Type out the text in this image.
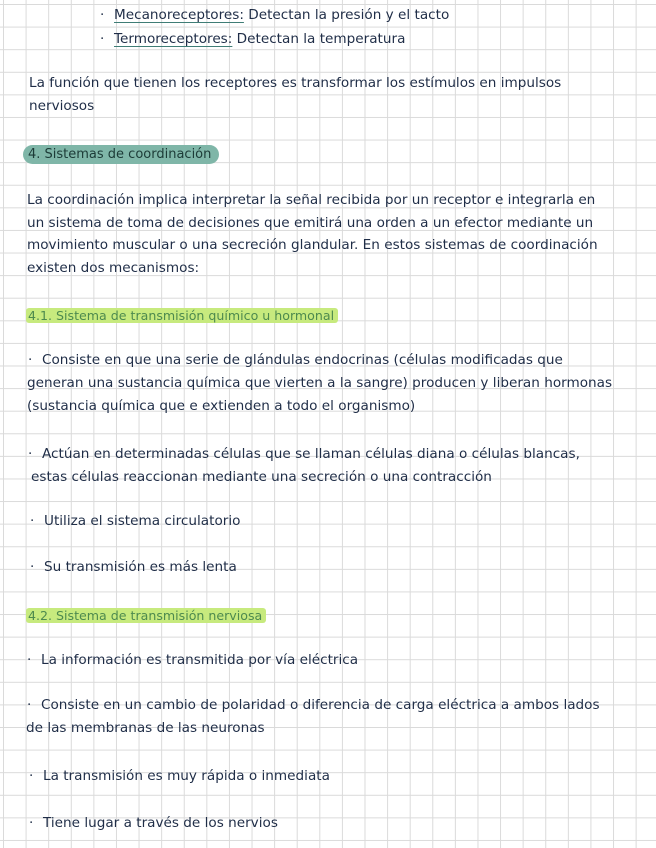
· Mecanoreceptores: Detectan la presión y el tacto
· Termoreceptores: Detectan la temperatura
La función que tienen los receptores es transformar los estímulos en impulsos
nerviosos
4. Sistemas de coordinación
La coordinación implica interpretar la señal recibida por un receptor e integrarla en
un sistema de toma de decisiones que emitirá una orden a un efector mediante un
movimiento muscular o una secreción glandular. En estos sistemas de coordinación
existen dos mecanismos:
4.1. Sistema de transmisión químico u hormonal
· Consiste en que una serie de glándulas endocrinas (células modificadas que
generan una sustancia química que vierten a la sangre) producen y liberan hormonas
(sustancia química que e extienden a todo el organismo)
· Actúan en determinadas células que se llaman células diana o células blancas,
estas células reaccionan mediante una secreción o una contracción
· Utiliza el sistema circulatorio
· Su transmisión es más lenta
4.2. Sistema de transmisión nerviosa
· La información es transmitida por vía eléctrica
· Consiste en un cambio de polaridad o diferencia de carga eléctrica a ambos lados
de las membranas de las neuronas
· La transmisión es muy rápida o inmediata
· Tiene lugar a través de los nervios
